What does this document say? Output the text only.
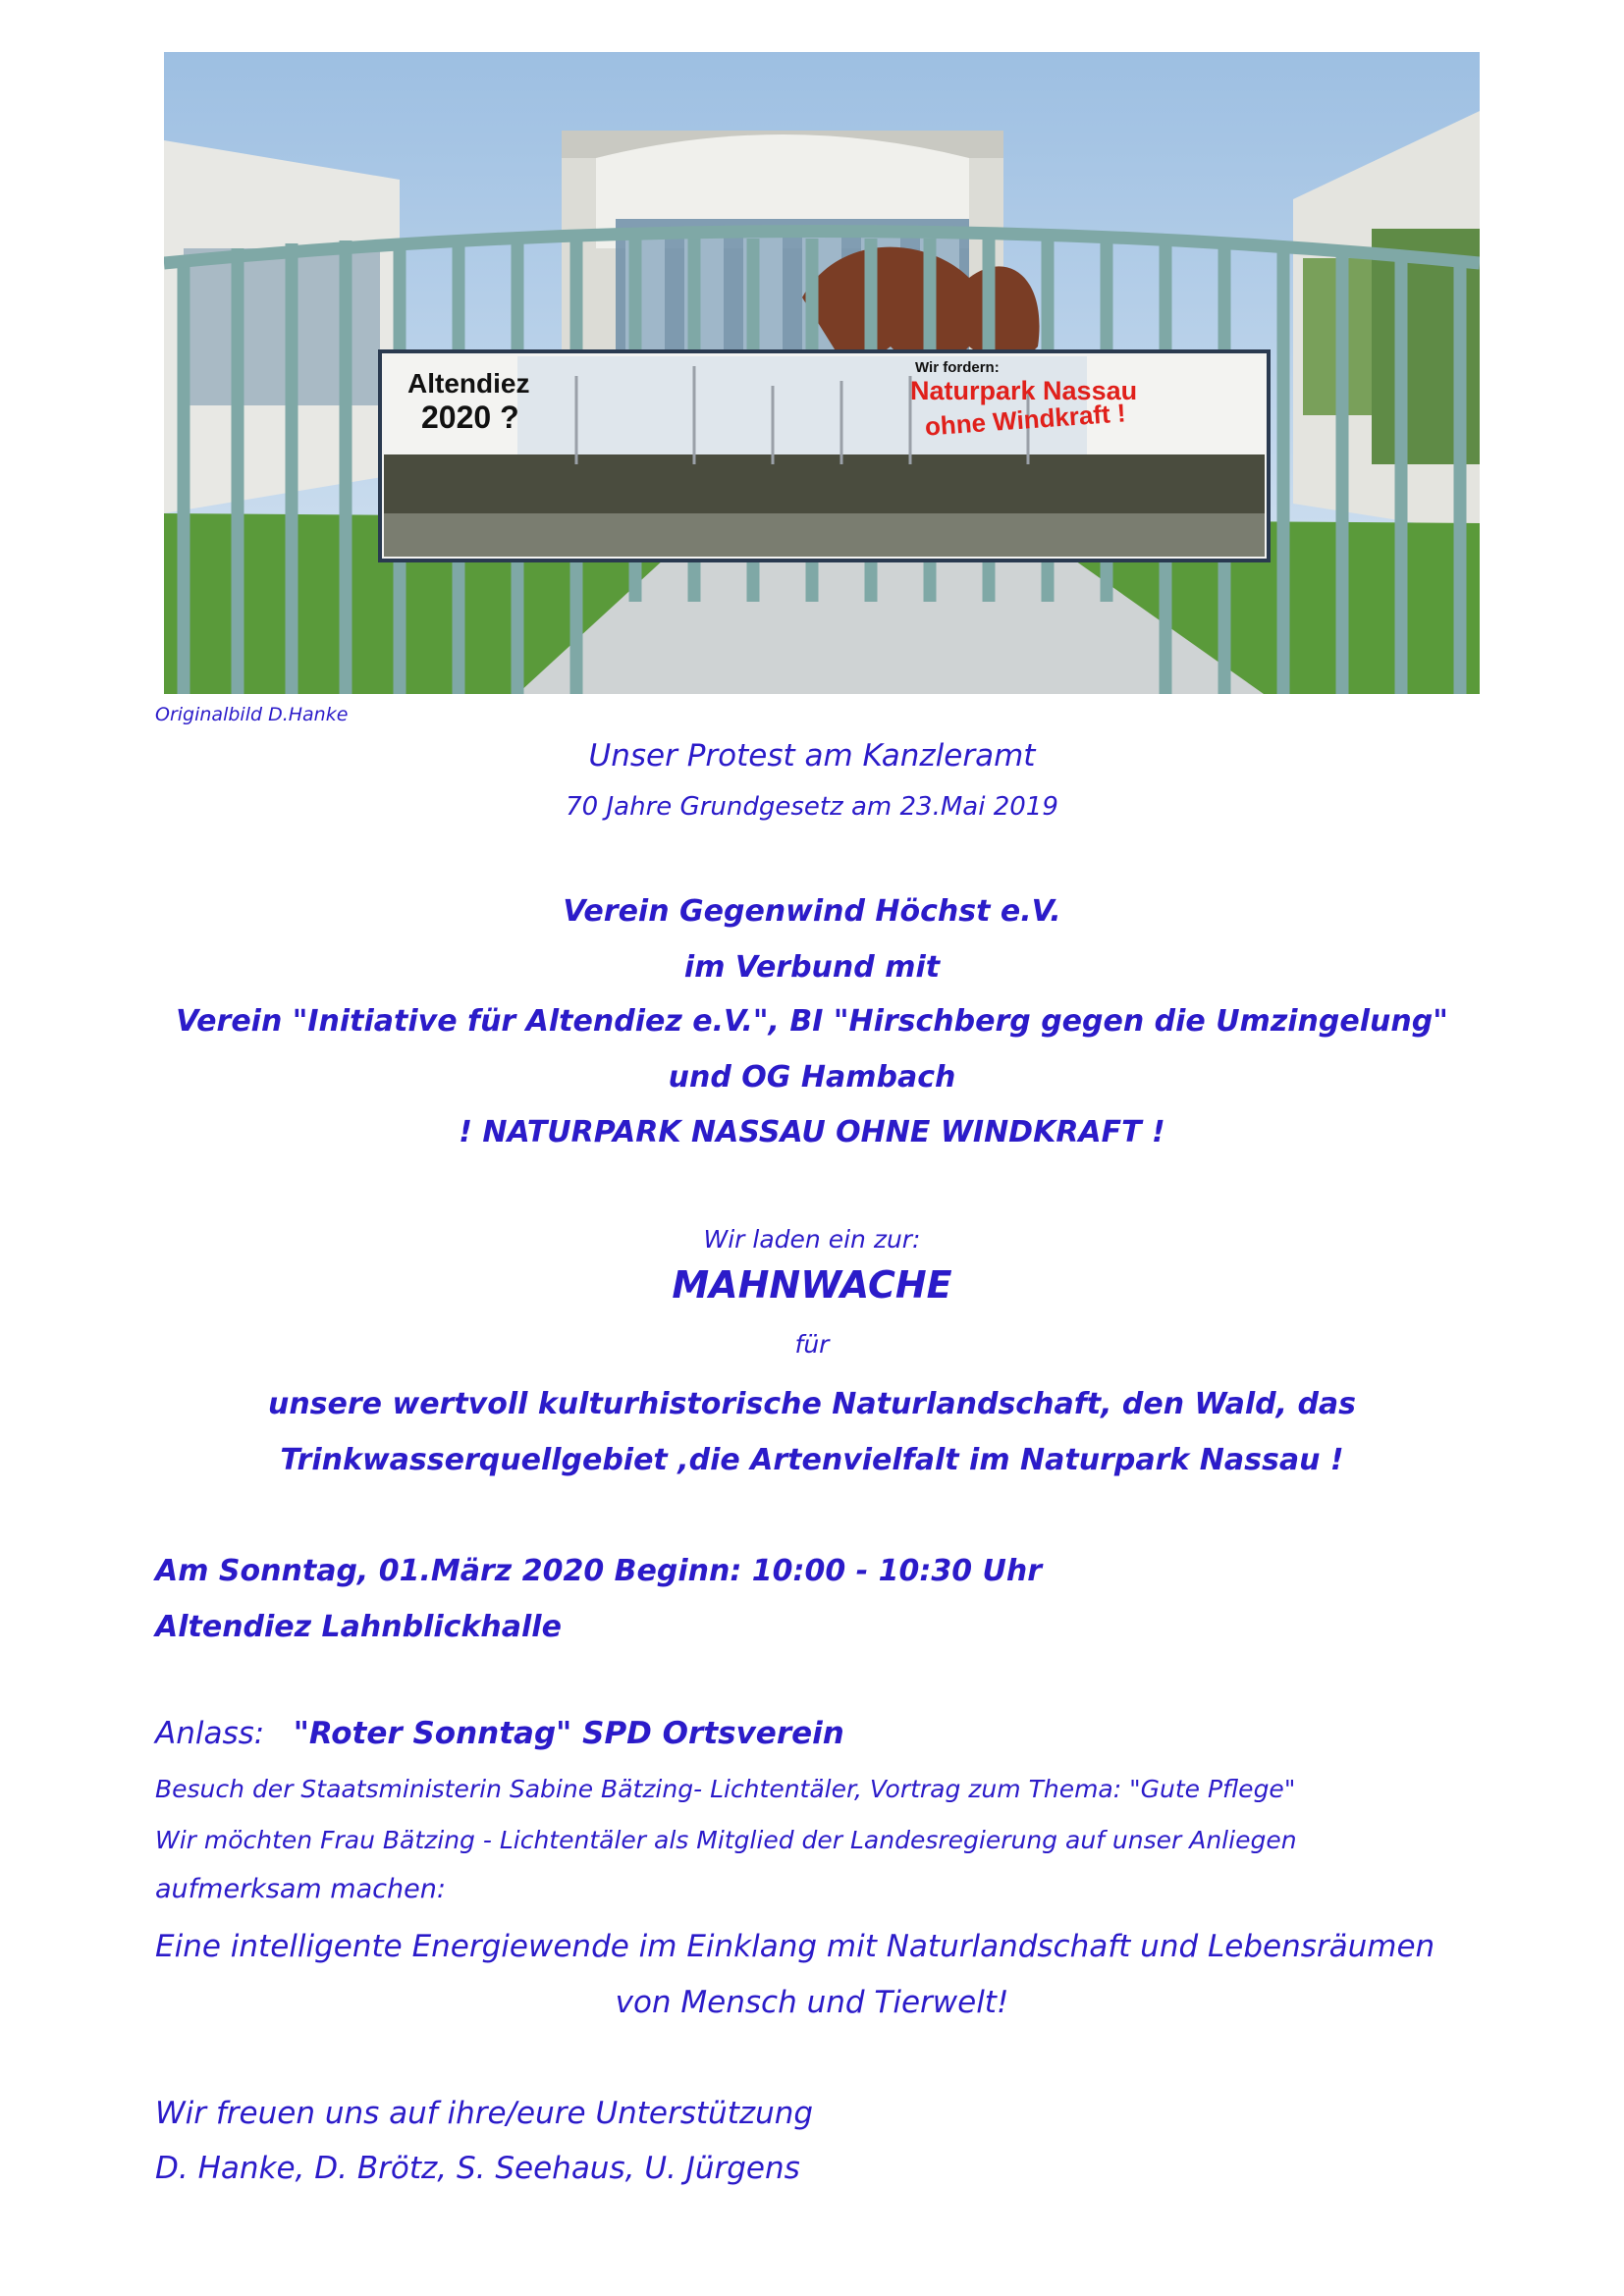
Altendiez
2020 ?
Wir fordern:
Naturpark Nassau
ohne Windkraft !
Originalbild D.Hanke
Unser Protest am Kanzleramt
70 Jahre Grundgesetz am 23.Mai 2019
Verein Gegenwind Höchst e.V.
im Verbund mit
Verein "Initiative für Altendiez e.V.", BI "Hirschberg gegen die Umzingelung"
und OG Hambach
! NATURPARK NASSAU OHNE WINDKRAFT !
Wir laden ein zur:
MAHNWACHE
für
unsere wertvoll kulturhistorische Naturlandschaft, den Wald, das
Trinkwasserquellgebiet ,die Artenvielfalt im Naturpark Nassau !
Am Sonntag, 01.März 2020 Beginn: 10:00 - 10:30 Uhr
Altendiez Lahnblickhalle
Anlass: "Roter Sonntag" SPD Ortsverein
Besuch der Staatsministerin Sabine Bätzing- Lichtentäler, Vortrag zum Thema: "Gute Pflege"
Wir möchten Frau Bätzing - Lichtentäler als Mitglied der Landesregierung auf unser Anliegen
aufmerksam machen:
Eine intelligente Energiewende im Einklang mit Naturlandschaft und Lebensräumen
von Mensch und Tierwelt!
Wir freuen uns auf ihre/eure Unterstützung
D. Hanke, D. Brötz, S. Seehaus, U. Jürgens
